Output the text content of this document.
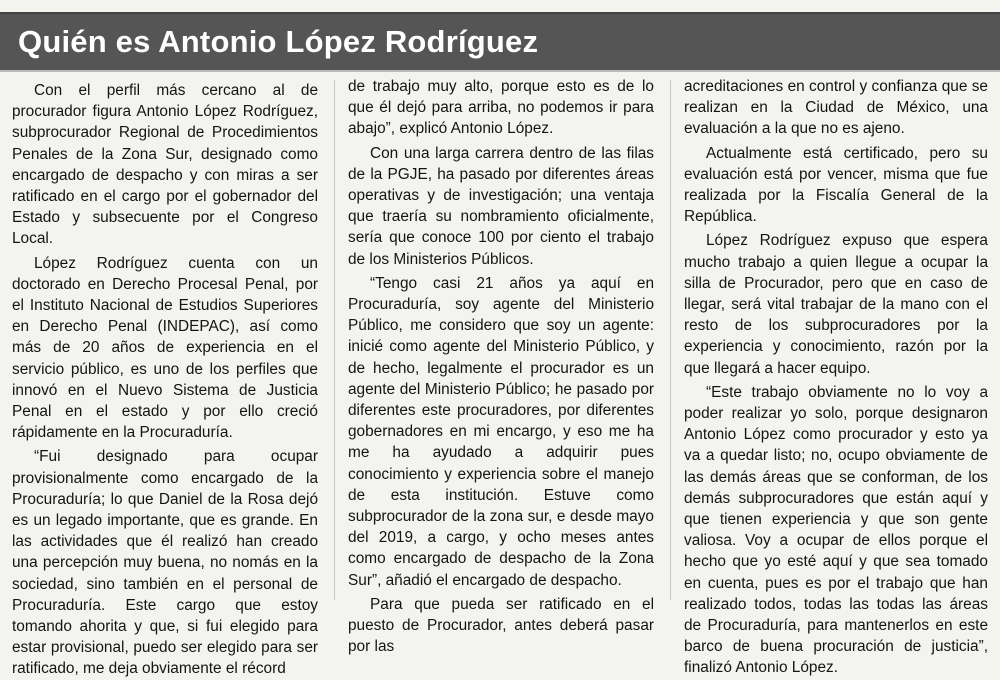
Quién es Antonio López Rodríguez

Con el perfil más cercano al de procurador figura Antonio López Rodríguez, subprocurador Regional de Procedimientos Penales de la Zona Sur, designado como encargado de despacho y con miras a ser ratificado en el cargo por el gobernador del Estado y subsecuente por el Congreso Local.

López Rodríguez cuenta con un doctorado en Derecho Procesal Penal, por el Instituto Nacional de Estudios Superiores en Derecho Penal (INDEPAC), así como más de 20 años de experiencia en el servicio público, es uno de los perfiles que innovó en el Nuevo Sistema de Justicia Penal en el estado y por ello creció rápidamente en la Procuraduría.

“Fui designado para ocupar provisionalmente como encargado de la Procuraduría; lo que Daniel de la Rosa dejó es un legado importante, que es grande. En las actividades que él realizó han creado una percepción muy buena, no nomás en la sociedad, sino también en el personal de Procuraduría. Este cargo que estoy tomando ahorita y que, si fui elegido para estar provisional, puedo ser elegido para ser ratificado, me deja obviamente el récord

de trabajo muy alto, porque esto es de lo que él dejó para arriba, no podemos ir para abajo”, explicó Antonio López.

Con una larga carrera dentro de las filas de la PGJE, ha pasado por diferentes áreas operativas y de investigación; una ventaja que traería su nombramiento oficialmente, sería que conoce 100 por ciento el trabajo de los Ministerios Públicos.

“Tengo casi 21 años ya aquí en Procuraduría, soy agente del Ministerio Público, me considero que soy un agente: inicié como agente del Ministerio Público, y de hecho, legalmente el procurador es un agente del Ministerio Público; he pasado por diferentes este procuradores, por diferentes gobernadores en mi encargo, y eso me ha me ha ayudado a adquirir pues conocimiento y experiencia sobre el manejo de esta institución. Estuve como subprocurador de la zona sur, e desde mayo del 2019, a cargo, y ocho meses antes como encargado de despacho de la Zona Sur”, añadió el encargado de despacho.

Para que pueda ser ratificado en el puesto de Procurador, antes deberá pasar por las

acreditaciones en control y confianza que se realizan en la Ciudad de México, una evaluación a la que no es ajeno.

Actualmente está certificado, pero su evaluación está por vencer, misma que fue realizada por la Fiscalía General de la República.

López Rodríguez expuso que espera mucho trabajo a quien llegue a ocupar la silla de Procurador, pero que en caso de llegar, será vital trabajar de la mano con el resto de los subprocuradores por la experiencia y conocimiento, razón por la que llegará a hacer equipo.

“Este trabajo obviamente no lo voy a poder realizar yo solo, porque designaron Antonio López como procurador y esto ya va a quedar listo; no, ocupo obviamente de las demás áreas que se conforman, de los demás subprocuradores que están aquí y que tienen experiencia y que son gente valiosa. Voy a ocupar de ellos porque el hecho que yo esté aquí y que sea tomado en cuenta, pues es por el trabajo que han realizado todos, todas las todas las áreas de Procuraduría, para mantenerlos en este barco de buena procuración de justicia”, finalizó Antonio López.
